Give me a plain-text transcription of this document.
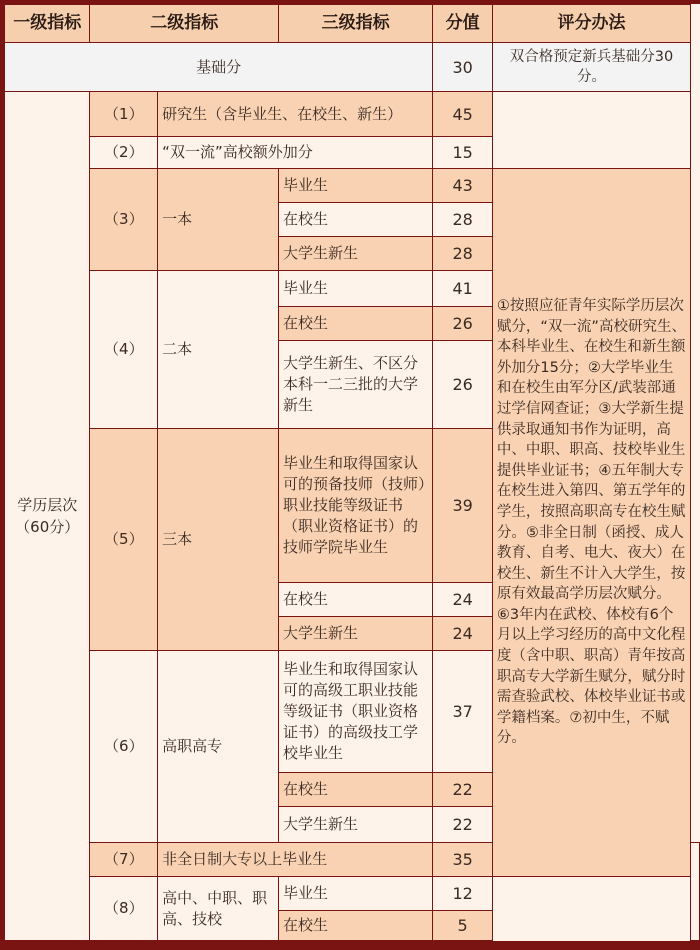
一级指标	二级指标		三级指标	分值	评分办法	
基础分				30	双合格预定新兵基础分30分。	
学历层次（60分）	（1）	研究生（含毕业生、在校生、新生）		45		
	（2）	“双一流”高校额外加分		15		
	（3）	一本	毕业生	43	①按照应征青年实际学历层次赋分，“双一流”高校研究生、本科毕业生、在校生和新生额外加分15分；②大学毕业生和在校生由军分区/武装部通过学信网查证；③大学新生提供录取通知书作为证明，高中、中职、职高、技校毕业生提供毕业证书；④五年制大专在校生进入第四、第五学年的学生，按照高职高专在校生赋分。⑤非全日制（函授、成人教育、自考、电大、夜大）在校生、新生不计入大学生，按原有效最高学历层次赋分。⑥3年内在武校、体校有6个月以上学习经历的高中文化程度（含中职、职高）青年按高职高专大学新生赋分，赋分时需查验武校、体校毕业证书或学籍档案。⑦初中生，不赋分。	
			在校生	28		
			大学生新生	28		
	（4）	二本	毕业生	41		
			在校生	26		
			大学生新生、不区分本科一二三批的大学新生	26		
	（5）	三本	毕业生和取得国家认可的预备技师（技师）职业技能等级证书（职业资格证书）的技师学院毕业生	39		
			在校生	24		
			大学生新生	24		
	（6）	高职高专	毕业生和取得国家认可的高级工职业技能等级证书（职业资格证书）的高级技工学校毕业生	37		
			在校生	22		
			大学生新生	22		
	（7）	非全日制大专以上毕业生		35		
	（8）	高中、中职、职高、技校	毕业生	12		
			在校生	5		
